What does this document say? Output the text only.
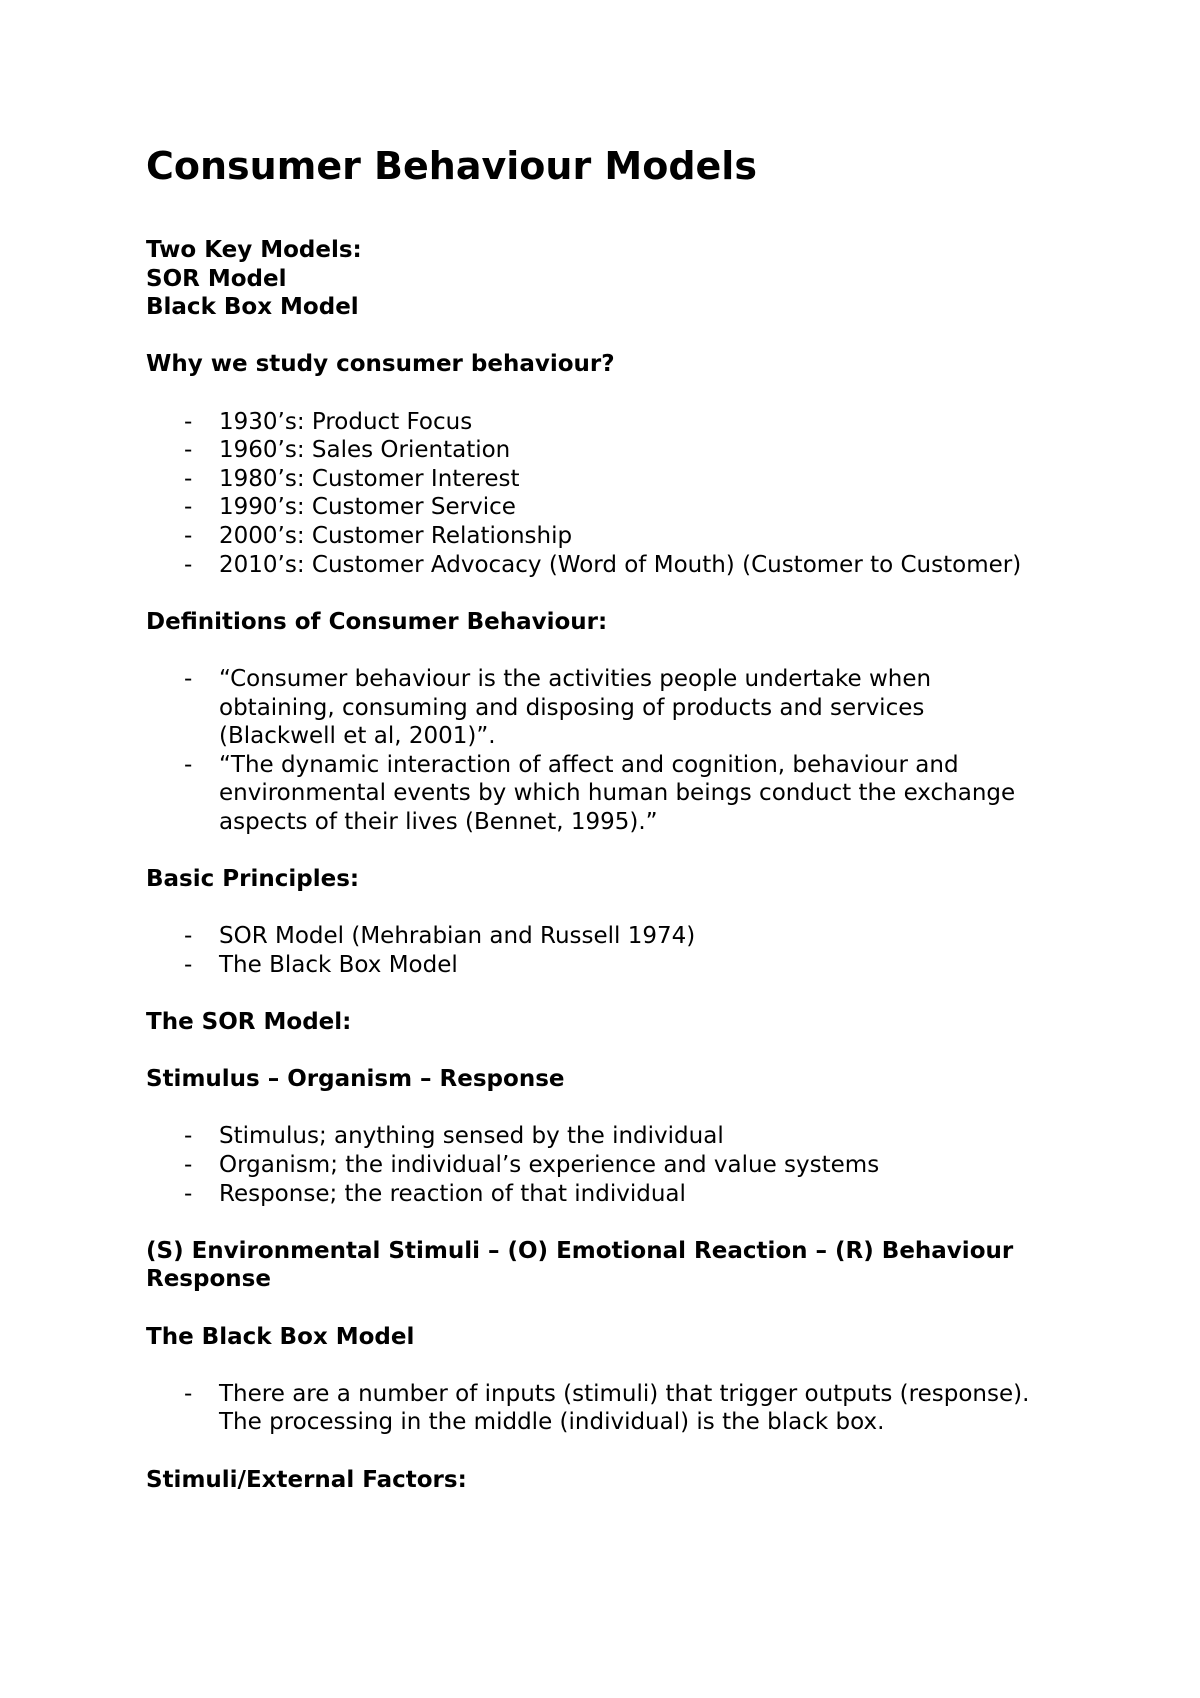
Consumer Behaviour Models

Two Key Models:

SOR Model

Black Box Model

Why we study consumer behaviour?

- 1930’s: Product Focus
- 1960’s: Sales Orientation
- 1980’s: Customer Interest
- 1990’s: Customer Service
- 2000’s: Customer Relationship
- 2010’s: Customer Advocacy (Word of Mouth) (Customer to Customer)

Definitions of Consumer Behaviour:

- “Consumer behaviour is the activities people undertake when obtaining, consuming and disposing of products and services (Blackwell et al, 2001)”.
- “The dynamic interaction of affect and cognition, behaviour and environmental events by which human beings conduct the exchange aspects of their lives (Bennet, 1995).”

Basic Principles:

- SOR Model (Mehrabian and Russell 1974)
- The Black Box Model

The SOR Model:

Stimulus – Organism – Response

- Stimulus; anything sensed by the individual
- Organism; the individual’s experience and value systems
- Response; the reaction of that individual

(S) Environmental Stimuli – (O) Emotional Reaction – (R) Behaviour Response

The Black Box Model

- There are a number of inputs (stimuli) that trigger outputs (response). The processing in the middle (individual) is the black box.

Stimuli/External Factors:
